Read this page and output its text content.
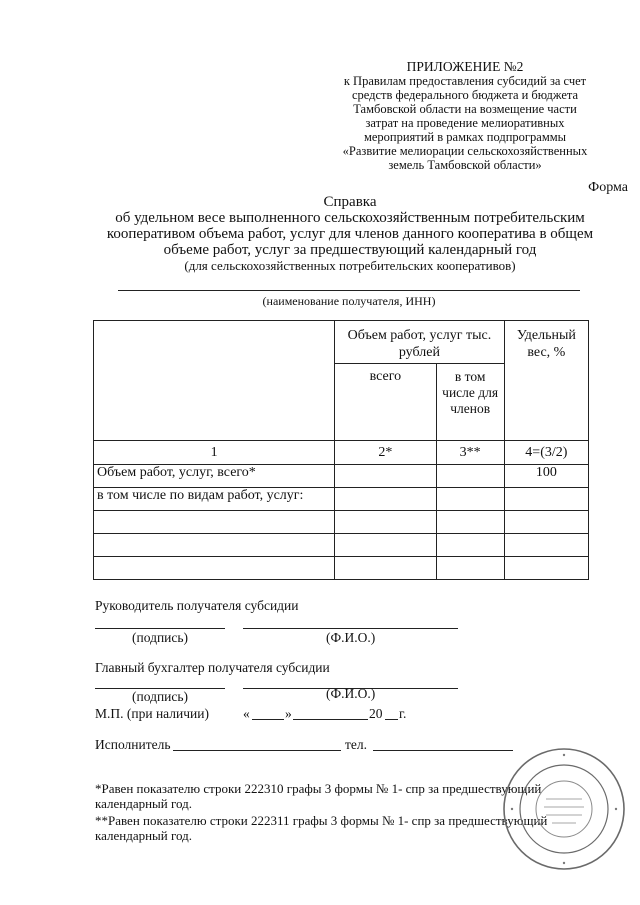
ПРИЛОЖЕНИЕ №2
к Правилам предоставления субсидий за счет
средств федерального бюджета и бюджета
Тамбовской области на возмещение части
затрат на проведение мелиоративных
мероприятий в рамках подпрограммы
«Развитие мелиорации сельскохозяйственных
земель Тамбовской области»
Форма
Справка
об удельном весе выполненного сельскохозяйственным потребительским
кооперативом объема работ, услуг для членов данного кооператива в общем
объеме работ, услуг за предшествующий календарный год
(для сельскохозяйственных потребительских кооперативов)
(наименование получателя, ИНН)
	Объем работ, услуг тыс. рублей		Удельный вес, %
	всего	в том числе для членов	
1	2*	3**	4=(3/2)
Объем работ, услуг, всего*			100
в том числе по видам работ, услуг:			

Руководитель получателя субсидии
(подпись)	(Ф.И.О.)
Главный бухгалтер получателя субсидии
(подпись)	(Ф.И.О.)
М.П. (при наличии)	«	»	20 г.
Исполнитель	тел.
*Равен показателю строки 222310 графы 3 формы № 1- спр за предшествующий календарный год.
**Равен показателю строки 222311 графы 3 формы № 1- спр за предшествующий календарный год.
